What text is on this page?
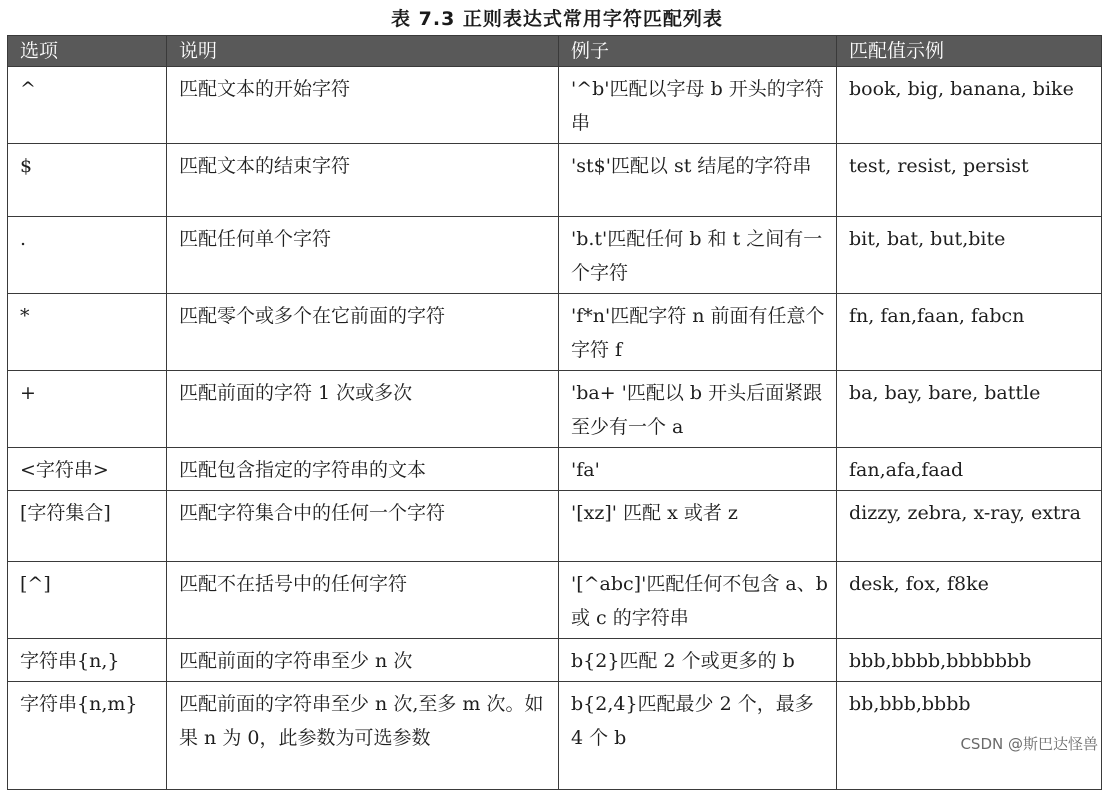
表 7.3 正则表达式常用字符匹配列表
选项	说明	例子	匹配值示例
^	匹配文本的开始字符	'^b'匹配以字母 b 开头的字符串	book, big, banana, bike
$	匹配文本的结束字符	'st$'匹配以 st 结尾的字符串	test, resist, persist
.	匹配任何单个字符	'b.t'匹配任何 b 和 t 之间有一个字符	bit, bat, but,bite
*	匹配零个或多个在它前面的字符	'f*n'匹配字符 n 前面有任意个字符 f	fn, fan,faan, fabcn
+	匹配前面的字符 1 次或多次	'ba+ '匹配以 b 开头后面紧跟至少有一个 a	ba, bay, bare, battle
<字符串>	匹配包含指定的字符串的文本	'fa'	fan,afa,faad
[字符集合]	匹配字符集合中的任何一个字符	'[xz]' 匹配 x 或者 z	dizzy, zebra, x-ray, extra
[^]	匹配不在括号中的任何字符	'[^abc]'匹配任何不包含 a、b 或 c 的字符串	desk, fox, f8ke
字符串{n,}	匹配前面的字符串至少 n 次	b{2}匹配 2 个或更多的 b	bbb,bbbb,bbbbbbb
字符串{n,m}	匹配前面的字符串至少 n 次,至多 m 次。如果 n 为 0，此参数为可选参数	b{2,4}匹配最少 2 个，最多 4 个 b	bb,bbb,bbbb
CSDN @斯巴达怪兽
